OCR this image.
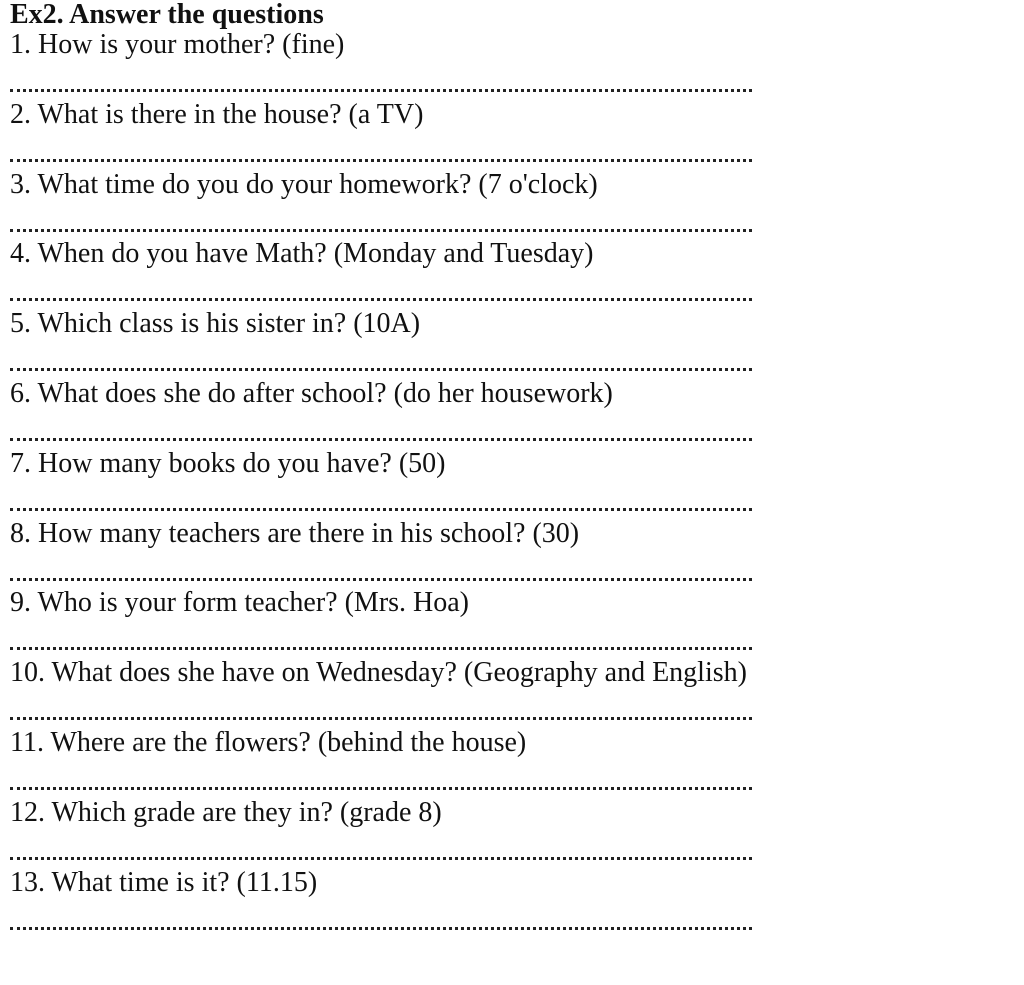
Ex2. Answer the questions
1. How is your mother? (fine)
2. What is there in the house? (a TV)
3. What time do you do your homework? (7 o'clock)
4. When do you have Math? (Monday and Tuesday)
5. Which class is his sister in? (10A)
6. What does she do after school? (do her housework)
7. How many books do you have? (50)
8. How many teachers are there in his school? (30)
9. Who is your form teacher? (Mrs. Hoa)
10. What does she have on Wednesday? (Geography and English)
11. Where are the flowers? (behind the house)
12. Which grade are they in? (grade 8)
13. What time is it? (11.15)
